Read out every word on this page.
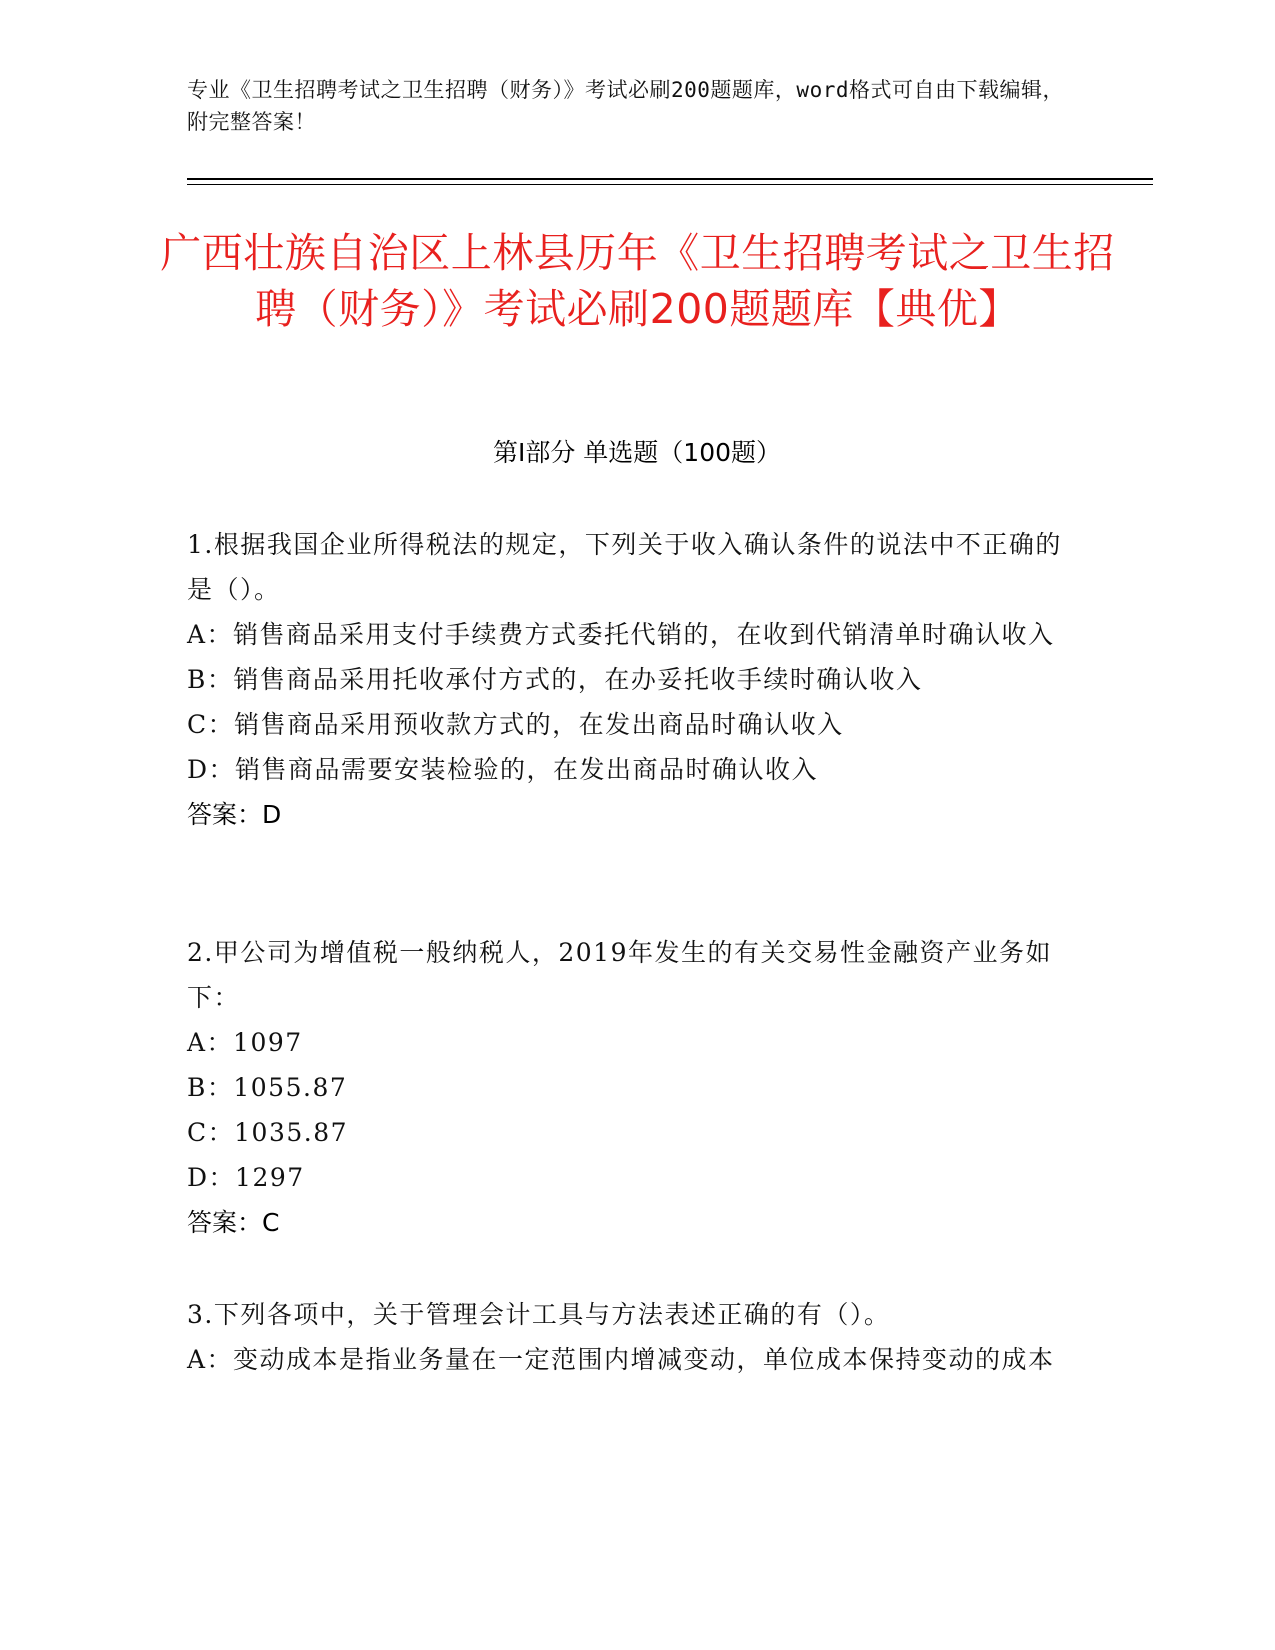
专业《卫生招聘考试之卫生招聘（财务）》考试必刷200题题库，word格式可自由下载编辑，附完整答案！
广西壮族自治区上林县历年《卫生招聘考试之卫生招聘（财务）》考试必刷200题题库【典优】
第I部分 单选题（100题）
1.根据我国企业所得税法的规定，下列关于收入确认条件的说法中不正确的是（）。
A：销售商品采用支付手续费方式委托代销的，在收到代销清单时确认收入
B：销售商品采用托收承付方式的，在办妥托收手续时确认收入
C：销售商品采用预收款方式的，在发出商品时确认收入
D：销售商品需要安装检验的，在发出商品时确认收入
答案：D
2.甲公司为增值税一般纳税人，2019年发生的有关交易性金融资产业务如下：
A：1097
B：1055.87
C：1035.87
D：1297
答案：C
3.下列各项中，关于管理会计工具与方法表述正确的有（）。
A：变动成本是指业务量在一定范围内增减变动，单位成本保持变动的成本
